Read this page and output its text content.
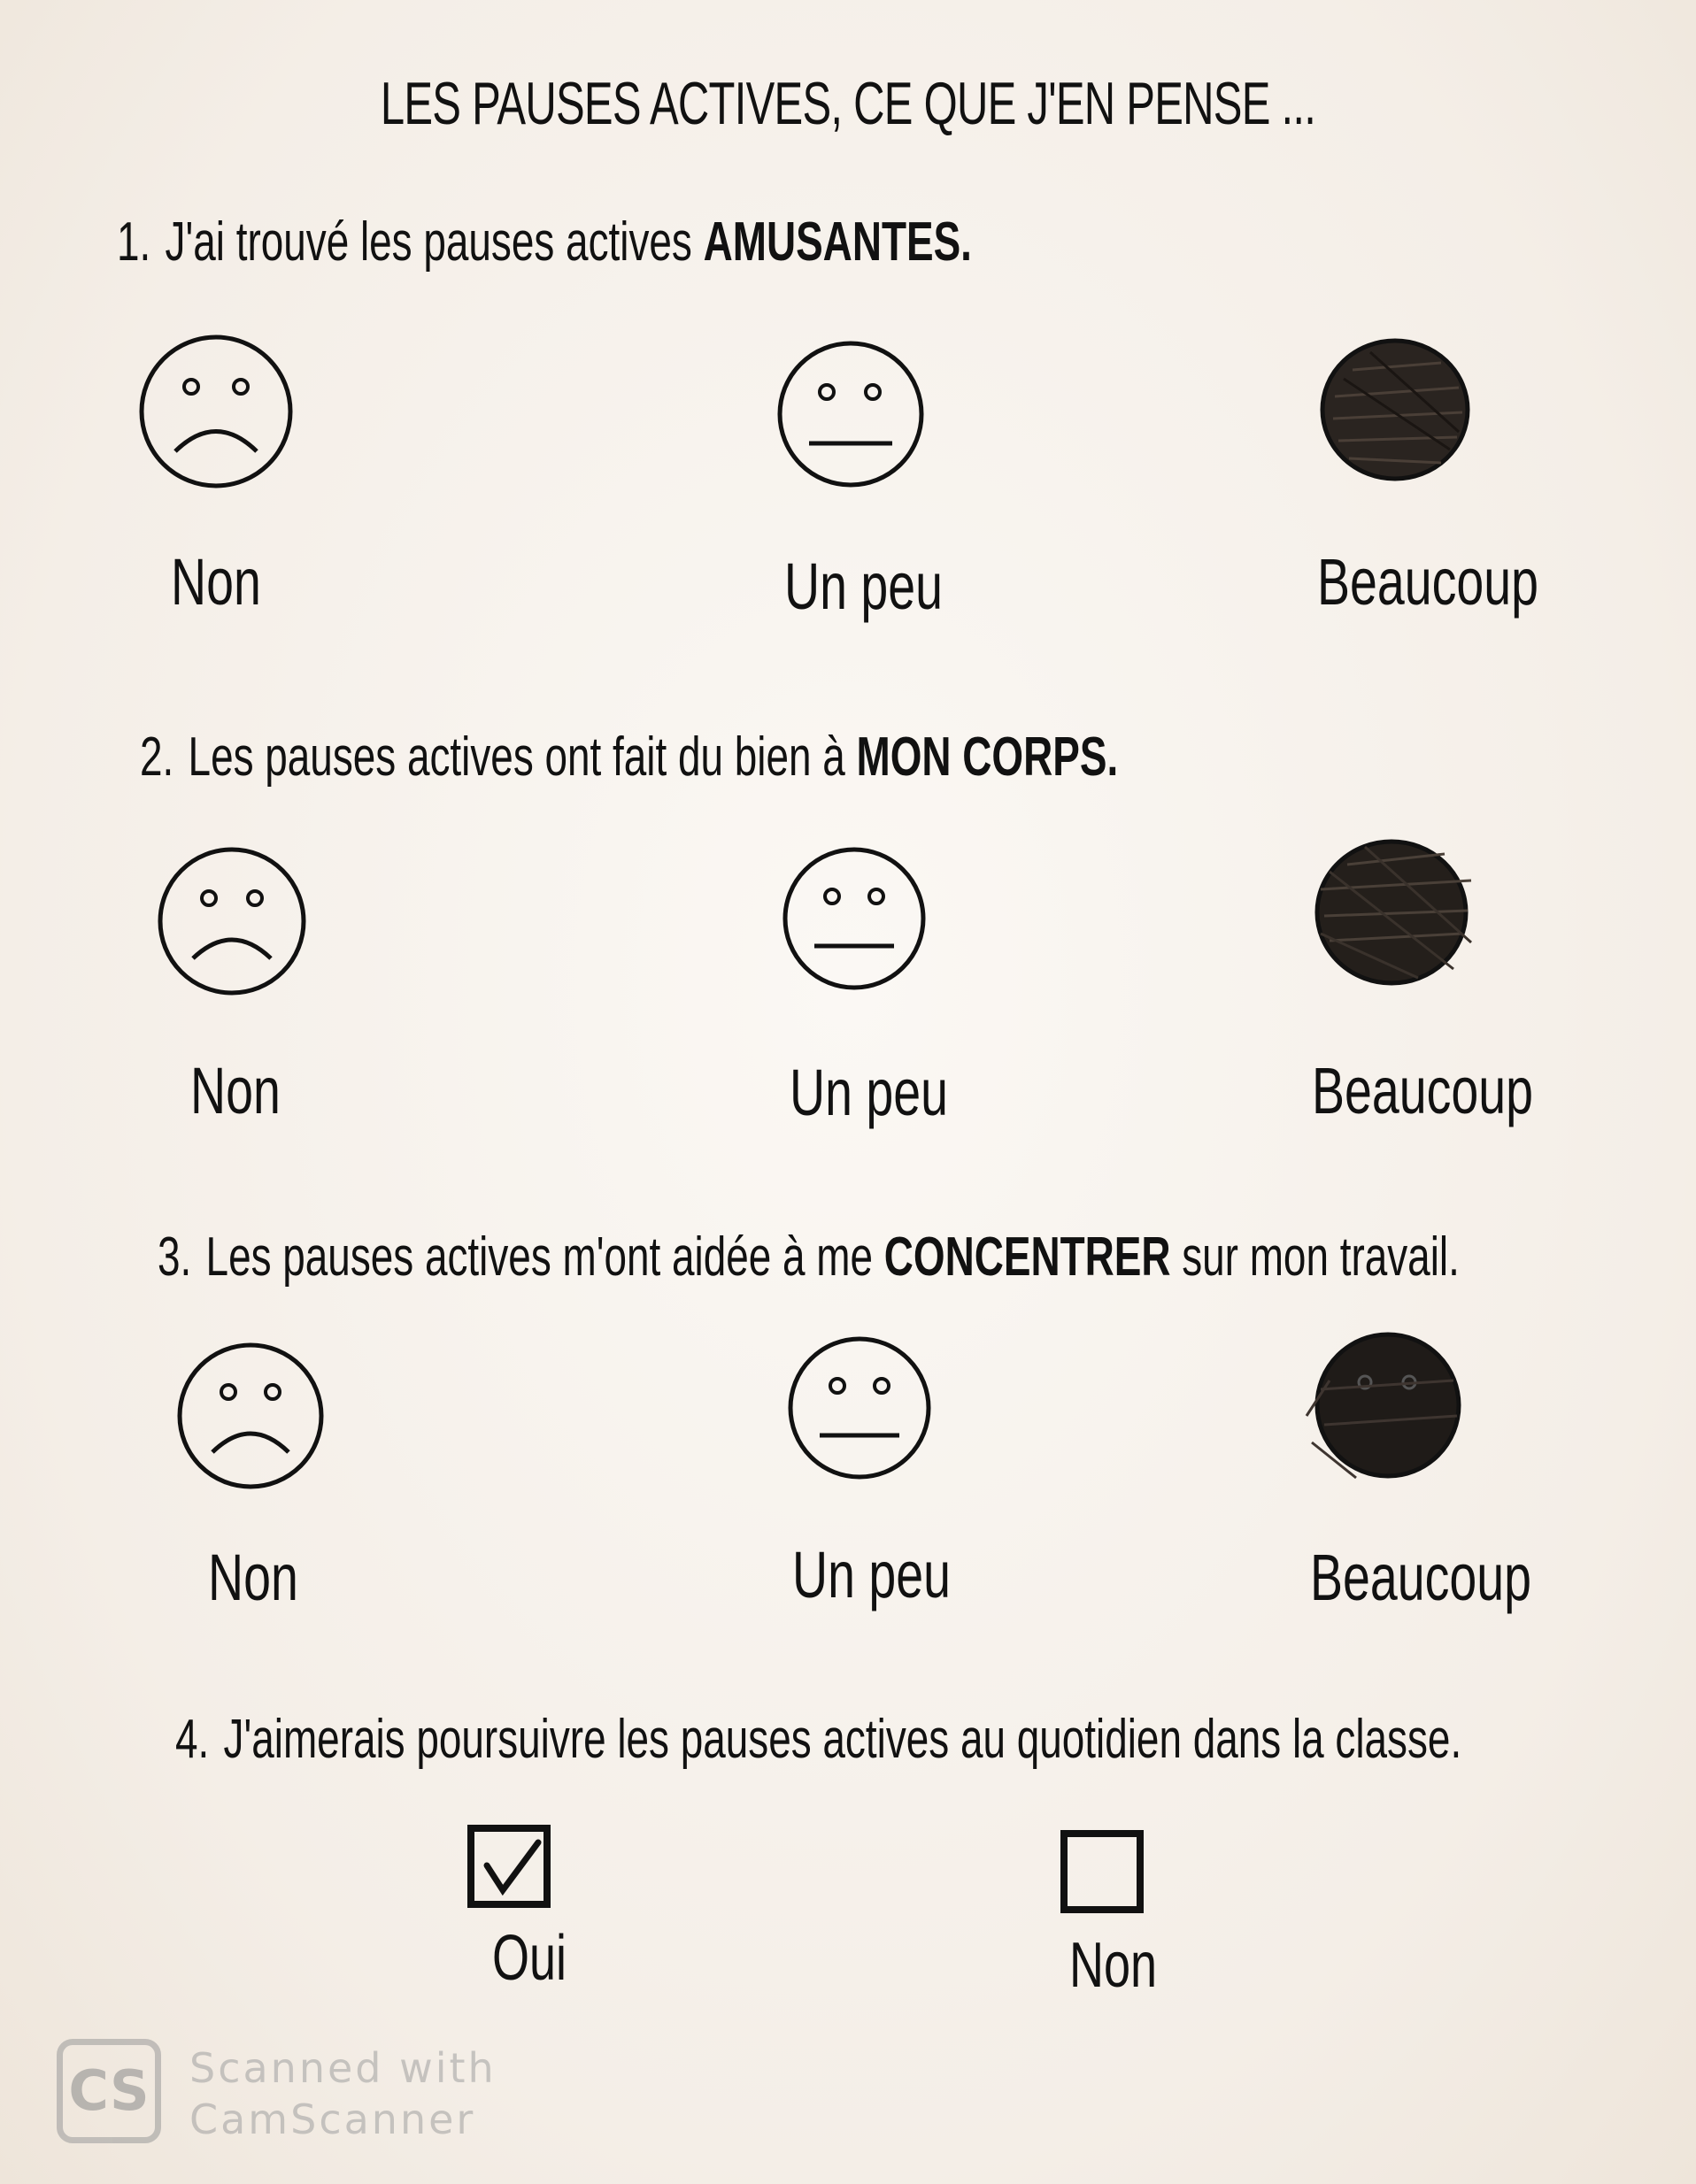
LES PAUSES ACTIVES, CE QUE J'EN PENSE ...
1. J'ai trouvé les pauses actives AMUSANTES.
Non	Un peu	Beaucoup
2. Les pauses actives ont fait du bien à MON CORPS.
Non	Un peu	Beaucoup
3. Les pauses actives m'ont aidée à me CONCENTRER sur mon travail.
Non	Un peu	Beaucoup
4. J'aimerais poursuivre les pauses actives au quotidien dans la classe.
Oui	Non
CS Scanned with
CamScanner
